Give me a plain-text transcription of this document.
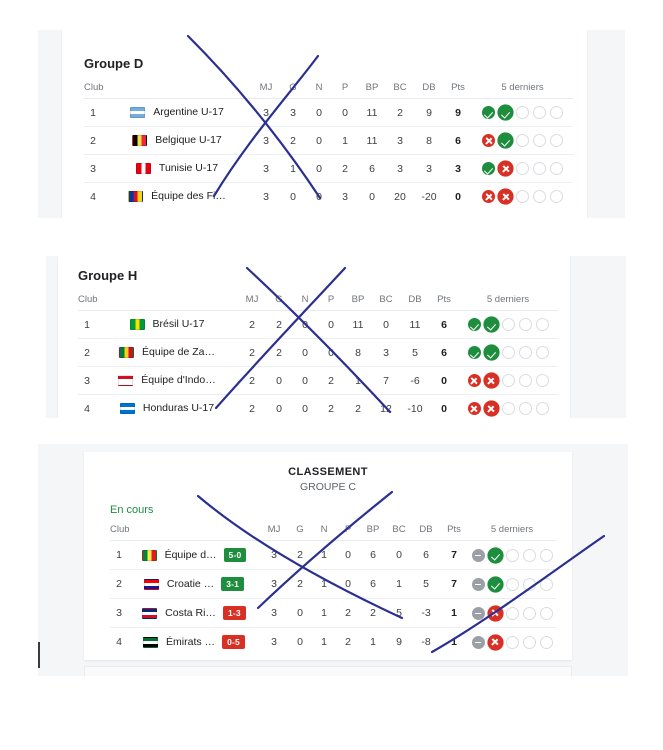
Groupe D
Club		MJ	G	N	P	BP	BC	DB	Pts	5 derniers
1	Argentine U-17	3	3	0	0	11	2	9	9	
2	Belgique U-17	3	2	0	1	11	3	8	6	
3	Tunisie U-17	3	1	0	2	6	3	3	3	
4	Équipe des Fi…	3	0	0	3	0	20	-20	0	
Groupe H
Club		MJ	G	N	P	BP	BC	DB	Pts	5 derniers
1	Brésil U-17	2	2	0	0	11	0	11	6	
2	Équipe de Za…	2	2	0	0	8	3	5	6	
3	Équipe d'Indo…	2	0	0	2	1	7	-6	0	
4	Honduras U-17	2	0	0	2	2	12	-10	0	
CLASSEMENT
GROUPE C
En cours
Club		MJ	G	N	P	BP	BC	DB	Pts	5 derniers
1	Équipe d… 5-0	3	2	1	0	6	0	6	7	
2	Croatie … 3-1	3	2	1	0	6	1	5	7	
3	Costa Ri… 1-3	3	0	1	2	2	5	-3	1	
4	Émirats … 0-5	3	0	1	2	1	9	-8	1	
